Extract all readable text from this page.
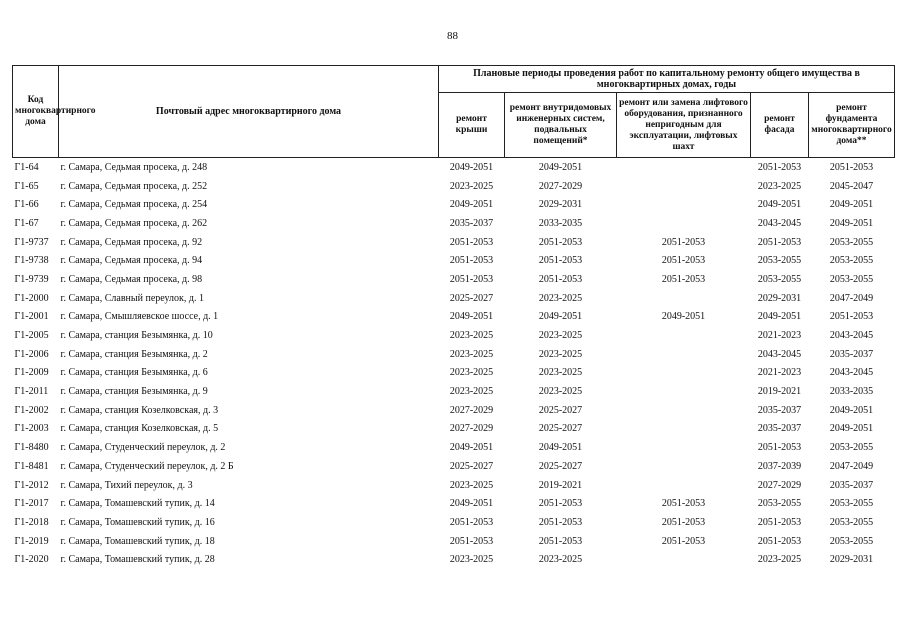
88
Код многоквартирного дома	Почтовый адрес многоквартирного дома	Плановые периоды проведения работ по капитальному ремонту общего имущества в многоквартирных домах, годы				
		ремонт крыши	ремонт внутридомовых инженерных систем, подвальных помещений*	ремонт или замена лифтового оборудования, признанного непригодным для эксплуатации, лифтовых шахт	ремонт фасада	ремонт фундамента многоквартирного дома**
Г1-64	г. Самара, Седьмая просека, д. 248	2049-2051	2049-2051		2051-2053	2051-2053
Г1-65	г. Самара, Седьмая просека, д. 252	2023-2025	2027-2029		2023-2025	2045-2047
Г1-66	г. Самара, Седьмая просека, д. 254	2049-2051	2029-2031		2049-2051	2049-2051
Г1-67	г. Самара, Седьмая просека, д. 262	2035-2037	2033-2035		2043-2045	2049-2051
Г1-9737	г. Самара, Седьмая просека, д. 92	2051-2053	2051-2053	2051-2053	2051-2053	2053-2055
Г1-9738	г. Самара, Седьмая просека, д. 94	2051-2053	2051-2053	2051-2053	2053-2055	2053-2055
Г1-9739	г. Самара, Седьмая просека, д. 98	2051-2053	2051-2053	2051-2053	2053-2055	2053-2055
Г1-2000	г. Самара, Славный переулок, д. 1	2025-2027	2023-2025		2029-2031	2047-2049
Г1-2001	г. Самара, Смышляевское шоссе, д. 1	2049-2051	2049-2051	2049-2051	2049-2051	2051-2053
Г1-2005	г. Самара, станция Безымянка, д. 10	2023-2025	2023-2025		2021-2023	2043-2045
Г1-2006	г. Самара, станция Безымянка, д. 2	2023-2025	2023-2025		2043-2045	2035-2037
Г1-2009	г. Самара, станция Безымянка, д. 6	2023-2025	2023-2025		2021-2023	2043-2045
Г1-2011	г. Самара, станция Безымянка, д. 9	2023-2025	2023-2025		2019-2021	2033-2035
Г1-2002	г. Самара, станция Козелковская, д. 3	2027-2029	2025-2027		2035-2037	2049-2051
Г1-2003	г. Самара, станция Козелковская, д. 5	2027-2029	2025-2027		2035-2037	2049-2051
Г1-8480	г. Самара, Студенческий переулок, д. 2	2049-2051	2049-2051		2051-2053	2053-2055
Г1-8481	г. Самара, Студенческий переулок, д. 2 Б	2025-2027	2025-2027		2037-2039	2047-2049
Г1-2012	г. Самара, Тихий переулок, д. 3	2023-2025	2019-2021		2027-2029	2035-2037
Г1-2017	г. Самара, Томашевский тупик, д. 14	2049-2051	2051-2053	2051-2053	2053-2055	2053-2055
Г1-2018	г. Самара, Томашевский тупик, д. 16	2051-2053	2051-2053	2051-2053	2051-2053	2053-2055
Г1-2019	г. Самара, Томашевский тупик, д. 18	2051-2053	2051-2053	2051-2053	2051-2053	2053-2055
Г1-2020	г. Самара, Томашевский тупик, д. 28	2023-2025	2023-2025		2023-2025	2029-2031
